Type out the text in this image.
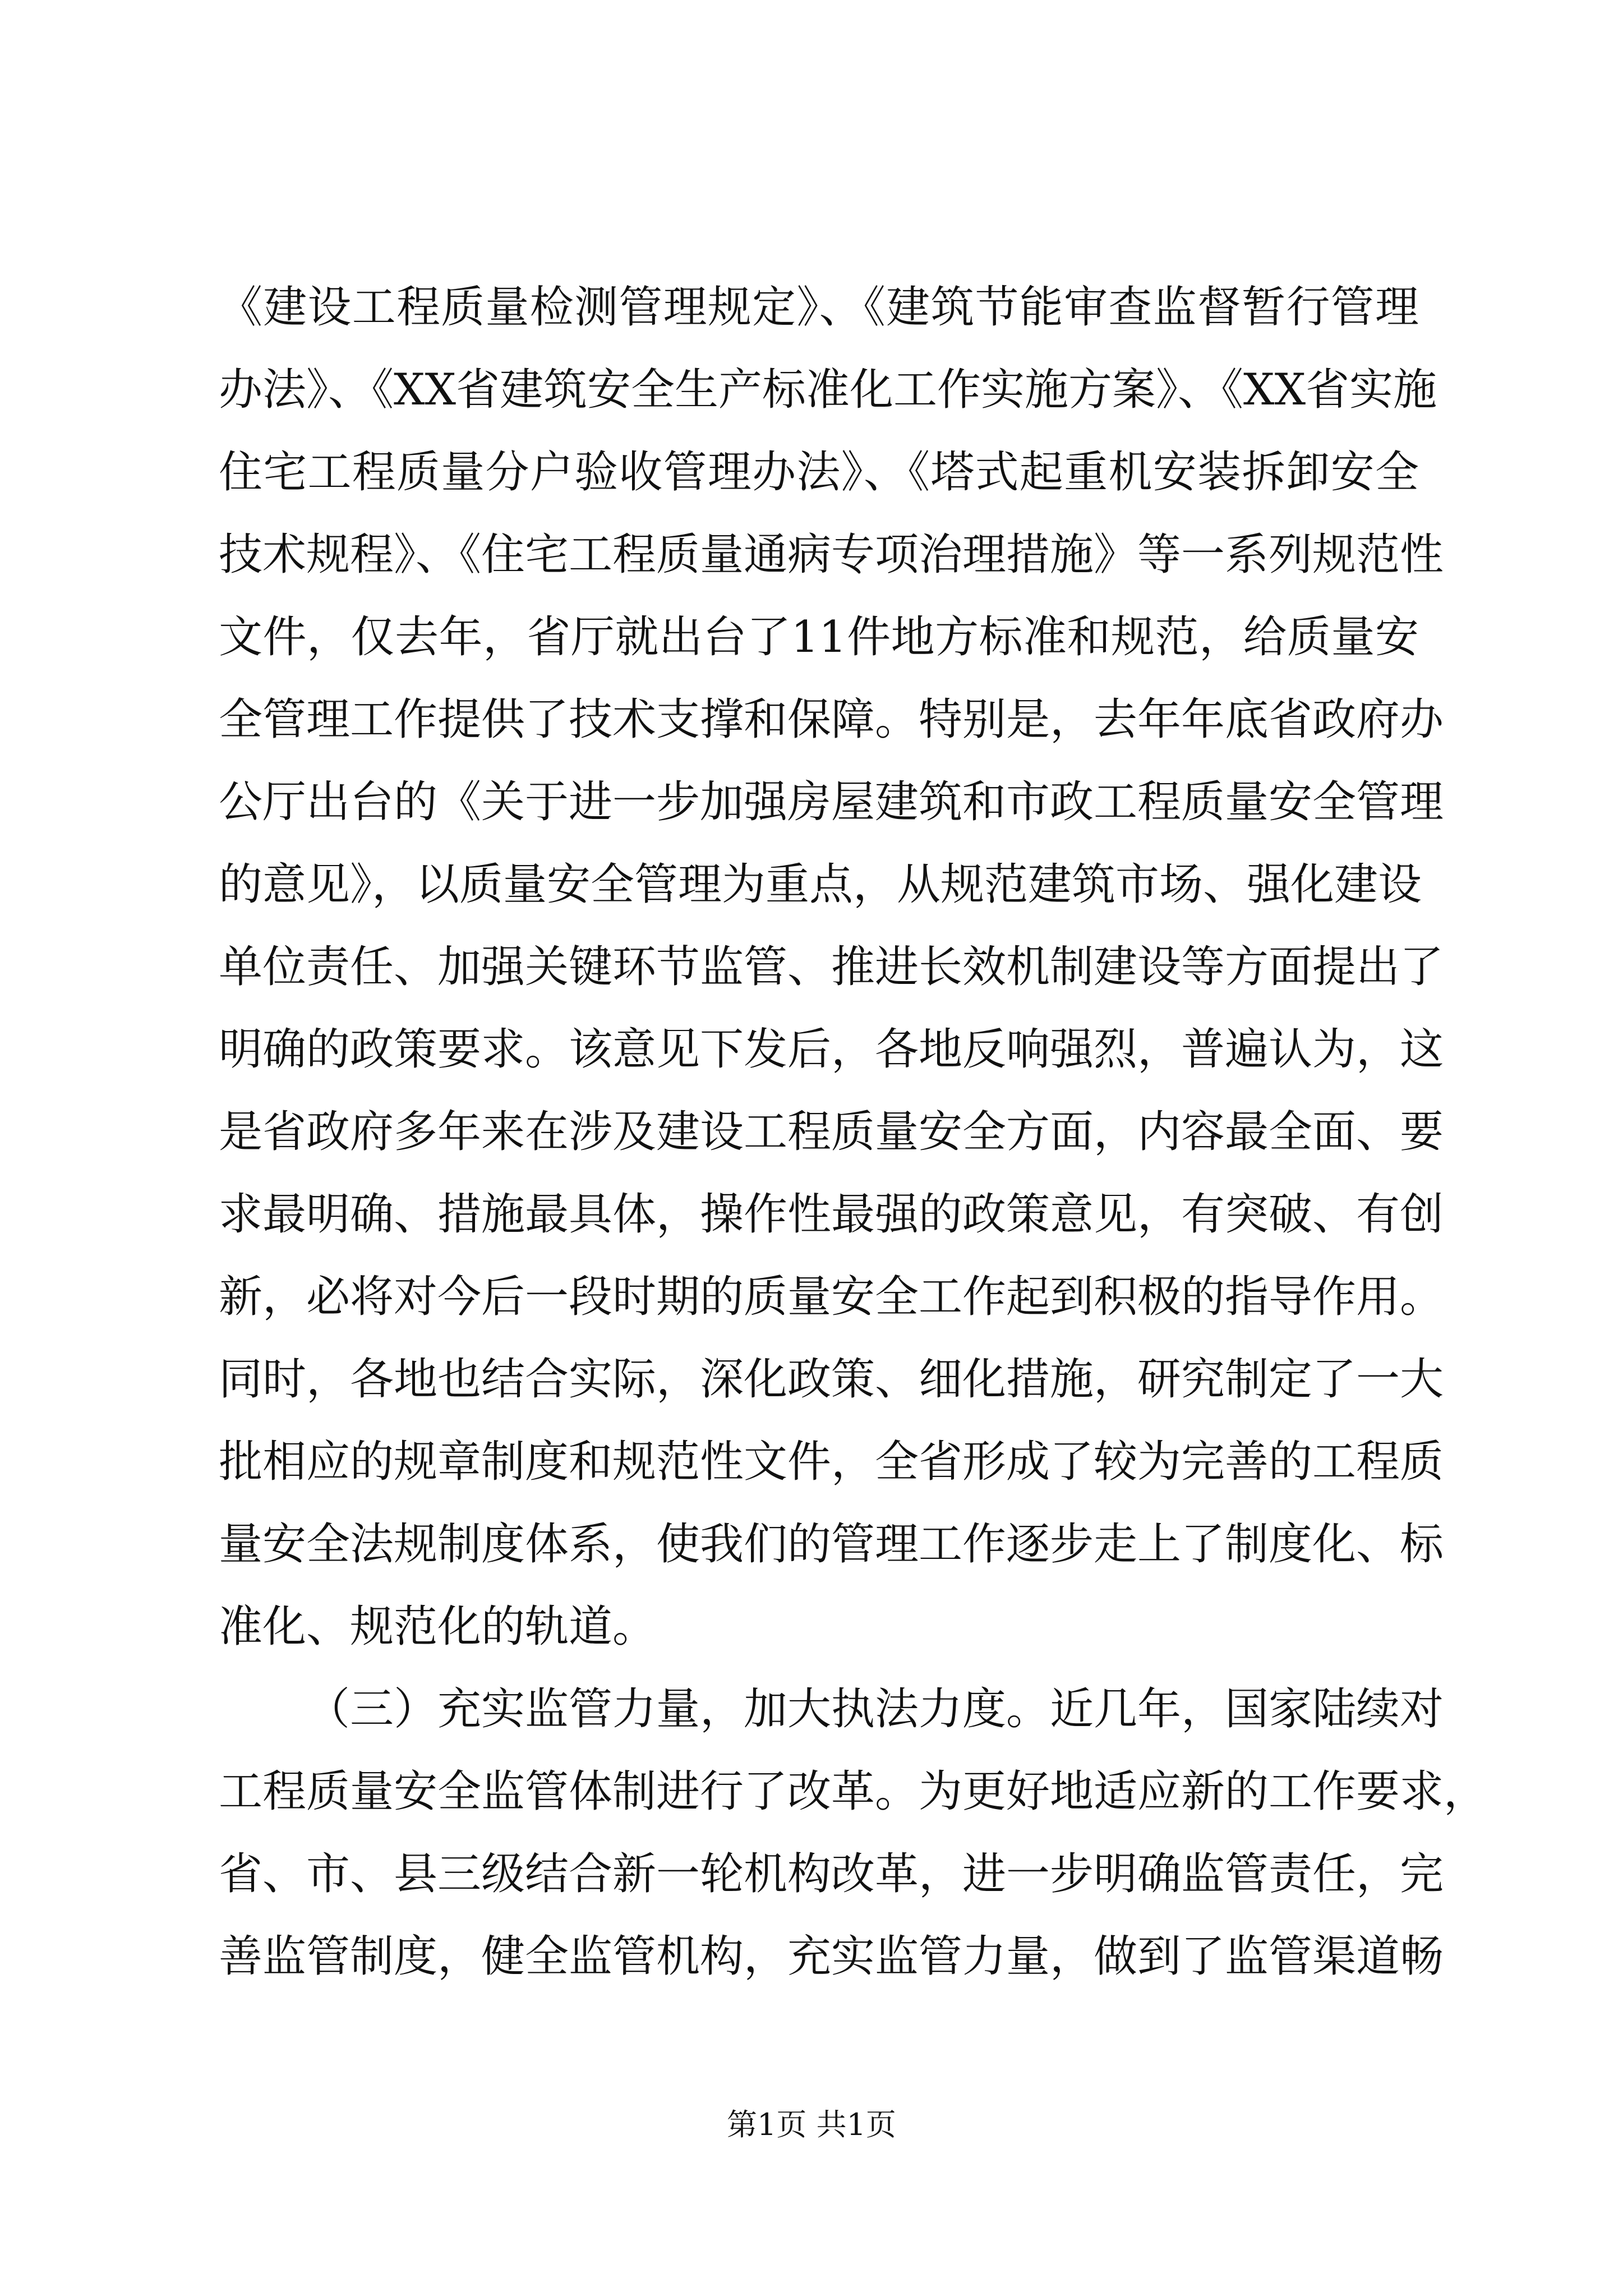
《建设工程质量检测管理规定》、《建筑节能审查监督暂行管理
办法》、《XX省建筑安全生产标准化工作实施方案》、《XX省实施
住宅工程质量分户验收管理办法》、《塔式起重机安装拆卸安全
技术规程》、《住宅工程质量通病专项治理措施》等一系列规范性
文件，仅去年，省厅就出台了11件地方标准和规范，给质量安
全管理工作提供了技术支撑和保障。特别是，去年年底省政府办
公厅出台的《关于进一步加强房屋建筑和市政工程质量安全管理
的意见》，以质量安全管理为重点，从规范建筑市场、强化建设
单位责任、加强关键环节监管、推进长效机制建设等方面提出了
明确的政策要求。该意见下发后，各地反响强烈，普遍认为，这
是省政府多年来在涉及建设工程质量安全方面，内容最全面、要
求最明确、措施最具体，操作性最强的政策意见，有突破、有创
新，必将对今后一段时期的质量安全工作起到积极的指导作用。
同时，各地也结合实际，深化政策、细化措施，研究制定了一大
批相应的规章制度和规范性文件，全省形成了较为完善的工程质
量安全法规制度体系，使我们的管理工作逐步走上了制度化、标
准化、规范化的轨道。
（三）充实监管力量，加大执法力度。近几年，国家陆续对
工程质量安全监管体制进行了改革。为更好地适应新的工作要求，
省、市、县三级结合新一轮机构改革，进一步明确监管责任，完
善监管制度，健全监管机构，充实监管力量，做到了监管渠道畅
第1页 共1页
